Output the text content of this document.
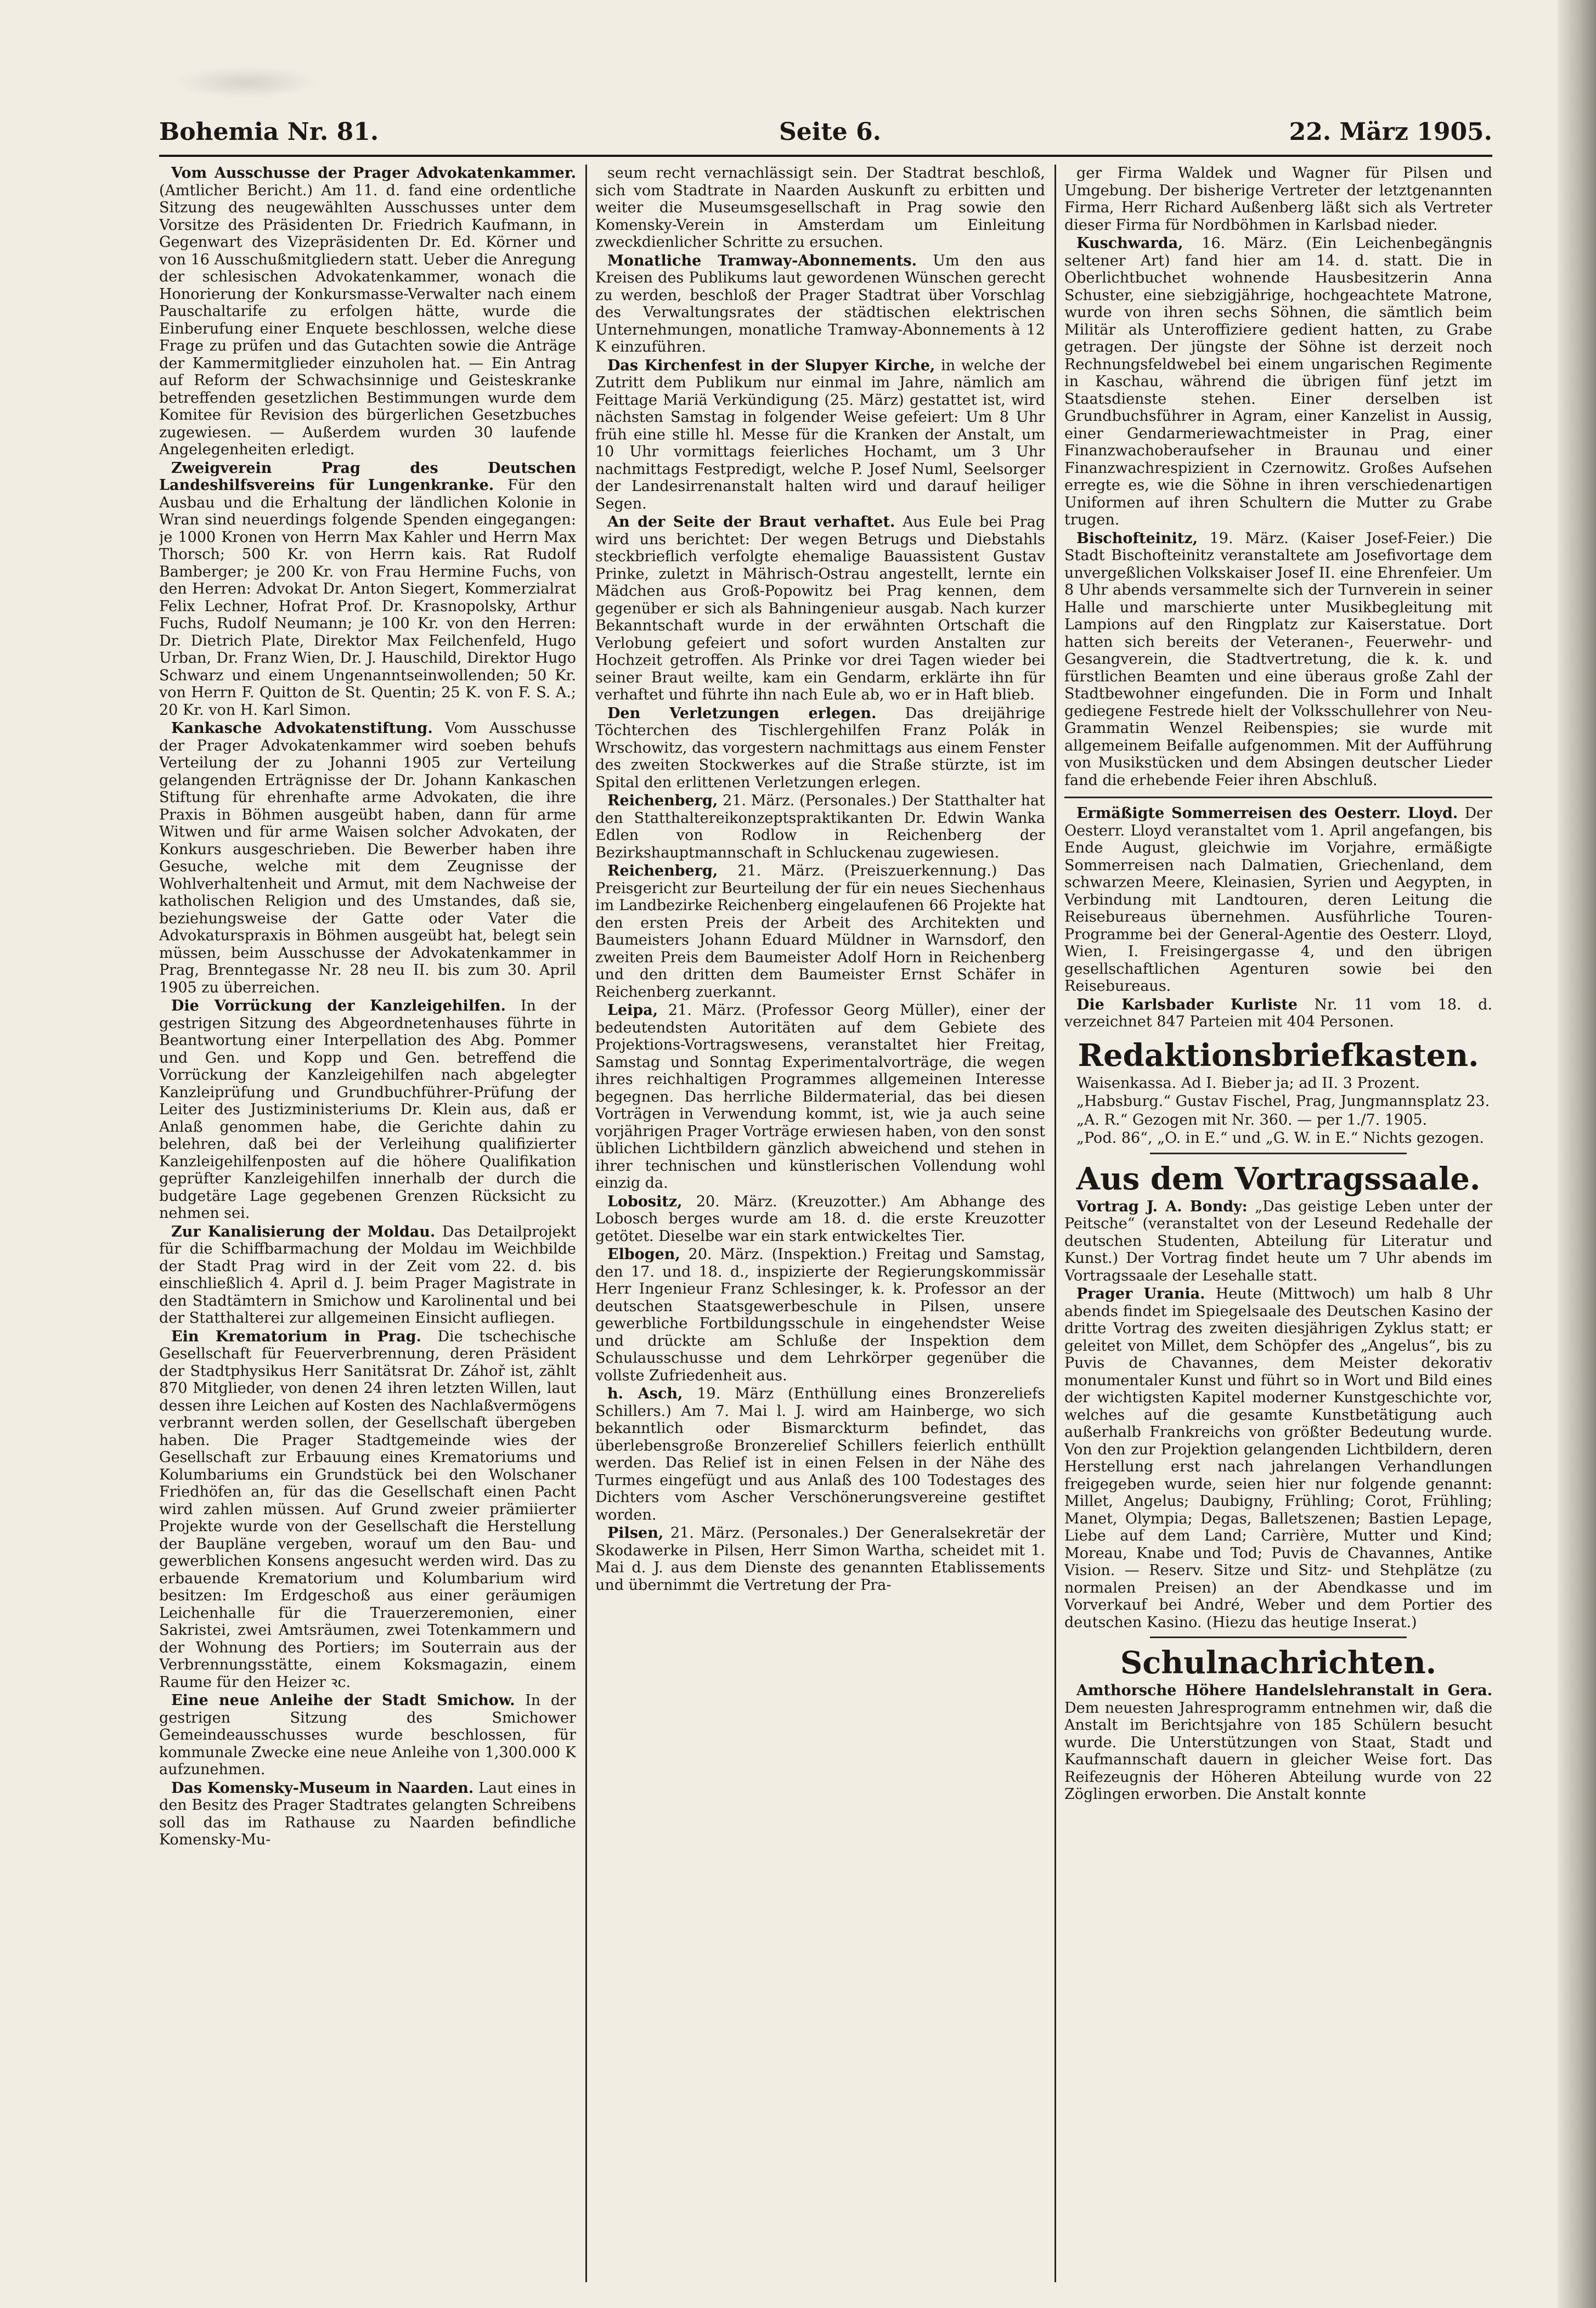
Bohemia Nr. 81.	Seite 6.	22. März 1905.

Vom Ausschusse der Prager Advokatenkammer. (Amtlicher Bericht.) Am 11. d. fand eine ordentliche Sitzung des neugewählten Ausschusses unter dem Vorsitze des Präsidenten Dr. Friedrich Kaufmann, in Gegenwart des Vizepräsidenten Dr. Ed. Körner und von 16 Ausschußmitgliedern statt. Ueber die Anregung der schlesischen Advokatenkammer, wonach die Honorierung der Konkursmasse-Verwalter nach einem Pauschaltarife zu erfolgen hätte, wurde die Einberufung einer Enquete beschlossen, welche diese Frage zu prüfen und das Gutachten sowie die Anträge der Kammermitglieder einzuholen hat. — Ein Antrag auf Reform der Schwachsinnige und Geisteskranke betreffenden gesetzlichen Bestimmungen wurde dem Komitee für Revision des bürgerlichen Gesetzbuches zugewiesen. — Außerdem wurden 30 laufende Angelegenheiten erledigt.

Zweigverein Prag des Deutschen Landeshilfsvereins für Lungenkranke. Für den Ausbau und die Erhaltung der ländlichen Kolonie in Wran sind neuerdings folgende Spenden eingegangen: je 1000 Kronen von Herrn Max Kahler und Herrn Max Thorsch; 500 Kr. von Herrn kais. Rat Rudolf Bamberger; je 200 Kr. von Frau Hermine Fuchs, von den Herren: Advokat Dr. Anton Siegert, Kommerzialrat Felix Lechner, Hofrat Prof. Dr. Krasnopolsky, Arthur Fuchs, Rudolf Neumann; je 100 Kr. von den Herren: Dr. Dietrich Plate, Direktor Max Feilchenfeld, Hugo Urban, Dr. Franz Wien, Dr. J. Hauschild, Direktor Hugo Schwarz und einem Ungenanntseinwollenden; 50 Kr. von Herrn F. Quitton de St. Quentin; 25 K. von F. S. A.; 20 Kr. von H. Karl Simon.

Kankasche Advokatenstiftung. Vom Ausschusse der Prager Advokatenkammer wird soeben behufs Verteilung der zu Johanni 1905 zur Verteilung gelangenden Erträgnisse der Dr. Johann Kankaschen Stiftung für ehrenhafte arme Advokaten, die ihre Praxis in Böhmen ausgeübt haben, dann für arme Witwen und für arme Waisen solcher Advokaten, der Konkurs ausgeschrieben. Die Bewerber haben ihre Gesuche, welche mit dem Zeugnisse der Wohlverhaltenheit und Armut, mit dem Nachweise der katholischen Religion und des Umstandes, daß sie, beziehungsweise der Gatte oder Vater die Advokaturspraxis in Böhmen ausgeübt hat, belegt sein müssen, beim Ausschusse der Advokatenkammer in Prag, Brenntegasse Nr. 28 neu II. bis zum 30. April 1905 zu überreichen.

Die Vorrückung der Kanzleigehilfen. In der gestrigen Sitzung des Abgeordnetenhauses führte in Beantwortung einer Interpellation des Abg. Pommer und Gen. und Kopp und Gen. betreffend die Vorrückung der Kanzleigehilfen nach abgelegter Kanzleiprüfung und Grundbuchführer-Prüfung der Leiter des Justizministeriums Dr. Klein aus, daß er Anlaß genommen habe, die Gerichte dahin zu belehren, daß bei der Verleihung qualifizierter Kanzleigehilfenposten auf die höhere Qualifikation geprüfter Kanzleigehilfen innerhalb der durch die budgetäre Lage gegebenen Grenzen Rücksicht zu nehmen sei.

Zur Kanalisierung der Moldau. Das Detailprojekt für die Schiffbarmachung der Moldau im Weichbilde der Stadt Prag wird in der Zeit vom 22. d. bis einschließlich 4. April d. J. beim Prager Magistrate in den Stadtämtern in Smichow und Karolinental und bei der Statthalterei zur allgemeinen Einsicht aufliegen.

Ein Krematorium in Prag. Die tschechische Gesellschaft für Feuerverbrennung, deren Präsident der Stadtphysikus Herr Sanitätsrat Dr. Záhoř ist, zählt 870 Mitglieder, von denen 24 ihren letzten Willen, laut dessen ihre Leichen auf Kosten des Nachlaßvermögens verbrannt werden sollen, der Gesellschaft übergeben haben. Die Prager Stadtgemeinde wies der Gesellschaft zur Erbauung eines Krematoriums und Kolumbariums ein Grundstück bei den Wolschaner Friedhöfen an, für das die Gesellschaft einen Pacht wird zahlen müssen. Auf Grund zweier prämiierter Projekte wurde von der Gesellschaft die Herstellung der Baupläne vergeben, worauf um den Bau- und gewerblichen Konsens angesucht werden wird. Das zu erbauende Krematorium und Kolumbarium wird besitzen: Im Erdgeschoß aus einer geräumigen Leichenhalle für die Trauerzeremonien, einer Sakristei, zwei Amtsräumen, zwei Totenkammern und der Wohnung des Portiers; im Souterrain aus der Verbrennungsstätte, einem Koksmagazin, einem Raume für den Heizer ꝛc.

Eine neue Anleihe der Stadt Smichow. In der gestrigen Sitzung des Smichower Gemeindeausschusses wurde beschlossen, für kommunale Zwecke eine neue Anleihe von 1,300.000 K aufzunehmen.

Das Komensky-Museum in Naarden. Laut eines in den Besitz des Prager Stadtrates gelangten Schreibens soll das im Rathause zu Naarden befindliche Komensky-Mu-

seum recht vernachlässigt sein. Der Stadtrat beschloß, sich vom Stadtrate in Naarden Auskunft zu erbitten und weiter die Museumsgesellschaft in Prag sowie den Komensky-Verein in Amsterdam um Einleitung zweckdienlicher Schritte zu ersuchen.

Monatliche Tramway-Abonnements. Um den aus Kreisen des Publikums laut gewordenen Wünschen gerecht zu werden, beschloß der Prager Stadtrat über Vorschlag des Verwaltungsrates der städtischen elektrischen Unternehmungen, monatliche Tramway-Abonnements à 12 K einzuführen.

Das Kirchenfest in der Slupyer Kirche, in welche der Zutritt dem Publikum nur einmal im Jahre, nämlich am Feittage Mariä Verkündigung (25. März) gestattet ist, wird nächsten Samstag in folgender Weise gefeiert: Um 8 Uhr früh eine stille hl. Messe für die Kranken der Anstalt, um 10 Uhr vormittags feierliches Hochamt, um 3 Uhr nachmittags Festpredigt, welche P. Josef Numl, Seelsorger der Landesirrenanstalt halten wird und darauf heiliger Segen.

An der Seite der Braut verhaftet. Aus Eule bei Prag wird uns berichtet: Der wegen Betrugs und Diebstahls steckbrieflich verfolgte ehemalige Bauassistent Gustav Prinke, zuletzt in Mährisch-Ostrau angestellt, lernte ein Mädchen aus Groß-Popowitz bei Prag kennen, dem gegenüber er sich als Bahningenieur ausgab. Nach kurzer Bekanntschaft wurde in der erwähnten Ortschaft die Verlobung gefeiert und sofort wurden Anstalten zur Hochzeit getroffen. Als Prinke vor drei Tagen wieder bei seiner Braut weilte, kam ein Gendarm, erklärte ihn für verhaftet und führte ihn nach Eule ab, wo er in Haft blieb.

Den Verletzungen erlegen. Das dreijährige Töchterchen des Tischlergehilfen Franz Polák in Wrschowitz, das vorgestern nachmittags aus einem Fenster des zweiten Stockwerkes auf die Straße stürzte, ist im Spital den erlittenen Verletzungen erlegen.

Reichenberg, 21. März. (Personales.) Der Statthalter hat den Statthaltereikonzeptspraktikanten Dr. Edwin Wanka Edlen von Rodlow in Reichenberg der Bezirkshauptmannschaft in Schluckenau zugewiesen.

Reichenberg, 21. März. (Preiszuerkennung.) Das Preisgericht zur Beurteilung der für ein neues Siechenhaus im Landbezirke Reichenberg eingelaufenen 66 Projekte hat den ersten Preis der Arbeit des Architekten und Baumeisters Johann Eduard Müldner in Warnsdorf, den zweiten Preis dem Baumeister Adolf Horn in Reichenberg und den dritten dem Baumeister Ernst Schäfer in Reichenberg zuerkannt.

Leipa, 21. März. (Professor Georg Müller), einer der bedeutendsten Autoritäten auf dem Gebiete des Projektions-Vortragswesens, veranstaltet hier Freitag, Samstag und Sonntag Experimentalvorträge, die wegen ihres reichhaltigen Programmes allgemeinen Interesse begegnen. Das herrliche Bildermaterial, das bei diesen Vorträgen in Verwendung kommt, ist, wie ja auch seine vorjährigen Prager Vorträge erwiesen haben, von den sonst üblichen Lichtbildern gänzlich abweichend und stehen in ihrer technischen und künstlerischen Vollendung wohl einzig da.

Lobositz, 20. März. (Kreuzotter.) Am Abhange des Lobosch berges wurde am 18. d. die erste Kreuzotter getötet. Dieselbe war ein stark entwickeltes Tier.

Elbogen, 20. März. (Inspektion.) Freitag und Samstag, den 17. und 18. d., inspizierte der Regierungskommissär Herr Ingenieur Franz Schlesinger, k. k. Professor an der deutschen Staatsgewerbeschule in Pilsen, unsere gewerbliche Fortbildungsschule in eingehendster Weise und drückte am Schluße der Inspektion dem Schulausschusse und dem Lehrkörper gegenüber die vollste Zufriedenheit aus.

h. Asch, 19. März (Enthüllung eines Bronzereliefs Schillers.) Am 7. Mai l. J. wird am Hainberge, wo sich bekanntlich oder Bismarckturm befindet, das überlebensgroße Bronzerelief Schillers feierlich enthüllt werden. Das Relief ist in einen Felsen in der Nähe des Turmes eingefügt und aus Anlaß des 100 Todestages des Dichters vom Ascher Verschönerungsvereine gestiftet worden.

Pilsen, 21. März. (Personales.) Der Generalsekretär der Skodawerke in Pilsen, Herr Simon Wartha, scheidet mit 1. Mai d. J. aus dem Dienste des genannten Etablissements und übernimmt die Vertretung der Pra-

ger Firma Waldek und Wagner für Pilsen und Umgebung. Der bisherige Vertreter der letztgenannten Firma, Herr Richard Außenberg läßt sich als Vertreter dieser Firma für Nordböhmen in Karlsbad nieder.

Kuschwarda, 16. März. (Ein Leichenbegängnis seltener Art) fand hier am 14. d. statt. Die in Oberlichtbuchet wohnende Hausbesitzerin Anna Schuster, eine siebzigjährige, hochgeachtete Matrone, wurde von ihren sechs Söhnen, die sämtlich beim Militär als Unteroffiziere gedient hatten, zu Grabe getragen. Der jüngste der Söhne ist derzeit noch Rechnungsfeldwebel bei einem ungarischen Regimente in Kaschau, während die übrigen fünf jetzt im Staatsdienste stehen. Einer derselben ist Grundbuchsführer in Agram, einer Kanzelist in Aussig, einer Gendarmeriewachtmeister in Prag, einer Finanzwachoberaufseher in Braunau und einer Finanzwachrespizient in Czernowitz. Großes Aufsehen erregte es, wie die Söhne in ihren verschiedenartigen Uniformen auf ihren Schultern die Mutter zu Grabe trugen.

Bischofteinitz, 19. März. (Kaiser Josef-Feier.) Die Stadt Bischofteinitz veranstaltete am Josefivortage dem unvergeßlichen Volkskaiser Josef II. eine Ehrenfeier. Um 8 Uhr abends versammelte sich der Turnverein in seiner Halle und marschierte unter Musikbegleitung mit Lampions auf den Ringplatz zur Kaiserstatue. Dort hatten sich bereits der Veteranen-, Feuerwehr- und Gesangverein, die Stadtvertretung, die k. k. und fürstlichen Beamten und eine überaus große Zahl der Stadtbewohner eingefunden. Die in Form und Inhalt gediegene Festrede hielt der Volksschullehrer von Neu-Grammatin Wenzel Reibenspies; sie wurde mit allgemeinem Beifalle aufgenommen. Mit der Aufführung von Musikstücken und dem Absingen deutscher Lieder fand die erhebende Feier ihren Abschluß.

Ermäßigte Sommerreisen des Oesterr. Lloyd. Der Oesterr. Lloyd veranstaltet vom 1. April angefangen, bis Ende August, gleichwie im Vorjahre, ermäßigte Sommerreisen nach Dalmatien, Griechenland, dem schwarzen Meere, Kleinasien, Syrien und Aegypten, in Verbindung mit Landtouren, deren Leitung die Reisebureaus übernehmen. Ausführliche Touren-Programme bei der General-Agentie des Oesterr. Lloyd, Wien, I. Freisingergasse 4, und den übrigen gesellschaftlichen Agenturen sowie bei den Reisebureaus.

Die Karlsbader Kurliste Nr. 11 vom 18. d. verzeichnet 847 Parteien mit 404 Personen.

Redaktionsbriefkasten.

Waisenkassa. Ad I. Bieber ja; ad II. 3 Prozent.

„Habsburg.“ Gustav Fischel, Prag, Jungmannsplatz 23.

„A. R.“ Gezogen mit Nr. 360. — per 1./7. 1905.

„Pod. 86“, „O. in E.“ und „G. W. in E.“ Nichts gezogen.

Aus dem Vortragssaale.

Vortrag J. A. Bondy: „Das geistige Leben unter der Peitsche“ (veranstaltet von der Leseund Redehalle der deutschen Studenten, Abteilung für Literatur und Kunst.) Der Vortrag findet heute um 7 Uhr abends im Vortragssaale der Lesehalle statt.

Prager Urania. Heute (Mittwoch) um halb 8 Uhr abends findet im Spiegelsaale des Deutschen Kasino der dritte Vortrag des zweiten diesjährigen Zyklus statt; er geleitet von Millet, dem Schöpfer des „Angelus“, bis zu Puvis de Chavannes, dem Meister dekorativ monumentaler Kunst und führt so in Wort und Bild eines der wichtigsten Kapitel moderner Kunstgeschichte vor, welches auf die gesamte Kunstbetätigung auch außerhalb Frankreichs von größter Bedeutung wurde. Von den zur Projektion gelangenden Lichtbildern, deren Herstellung erst nach jahrelangen Verhandlungen freigegeben wurde, seien hier nur folgende genannt: Millet, Angelus; Daubigny, Frühling; Corot, Frühling; Manet, Olympia; Degas, Balletszenen; Bastien Lepage, Liebe auf dem Land; Carrière, Mutter und Kind; Moreau, Knabe und Tod; Puvis de Chavannes, Antike Vision. — Reserv. Sitze und Sitz- und Stehplätze (zu normalen Preisen) an der Abendkasse und im Vorverkauf bei André, Weber und dem Portier des deutschen Kasino. (Hiezu das heutige Inserat.)

Schulnachrichten.

Amthorsche Höhere Handelslehranstalt in Gera. Dem neuesten Jahresprogramm entnehmen wir, daß die Anstalt im Berichtsjahre von 185 Schülern besucht wurde. Die Unterstützungen von Staat, Stadt und Kaufmannschaft dauern in gleicher Weise fort. Das Reifezeugnis der Höheren Abteilung wurde von 22 Zöglingen erworben. Die Anstalt konnte
